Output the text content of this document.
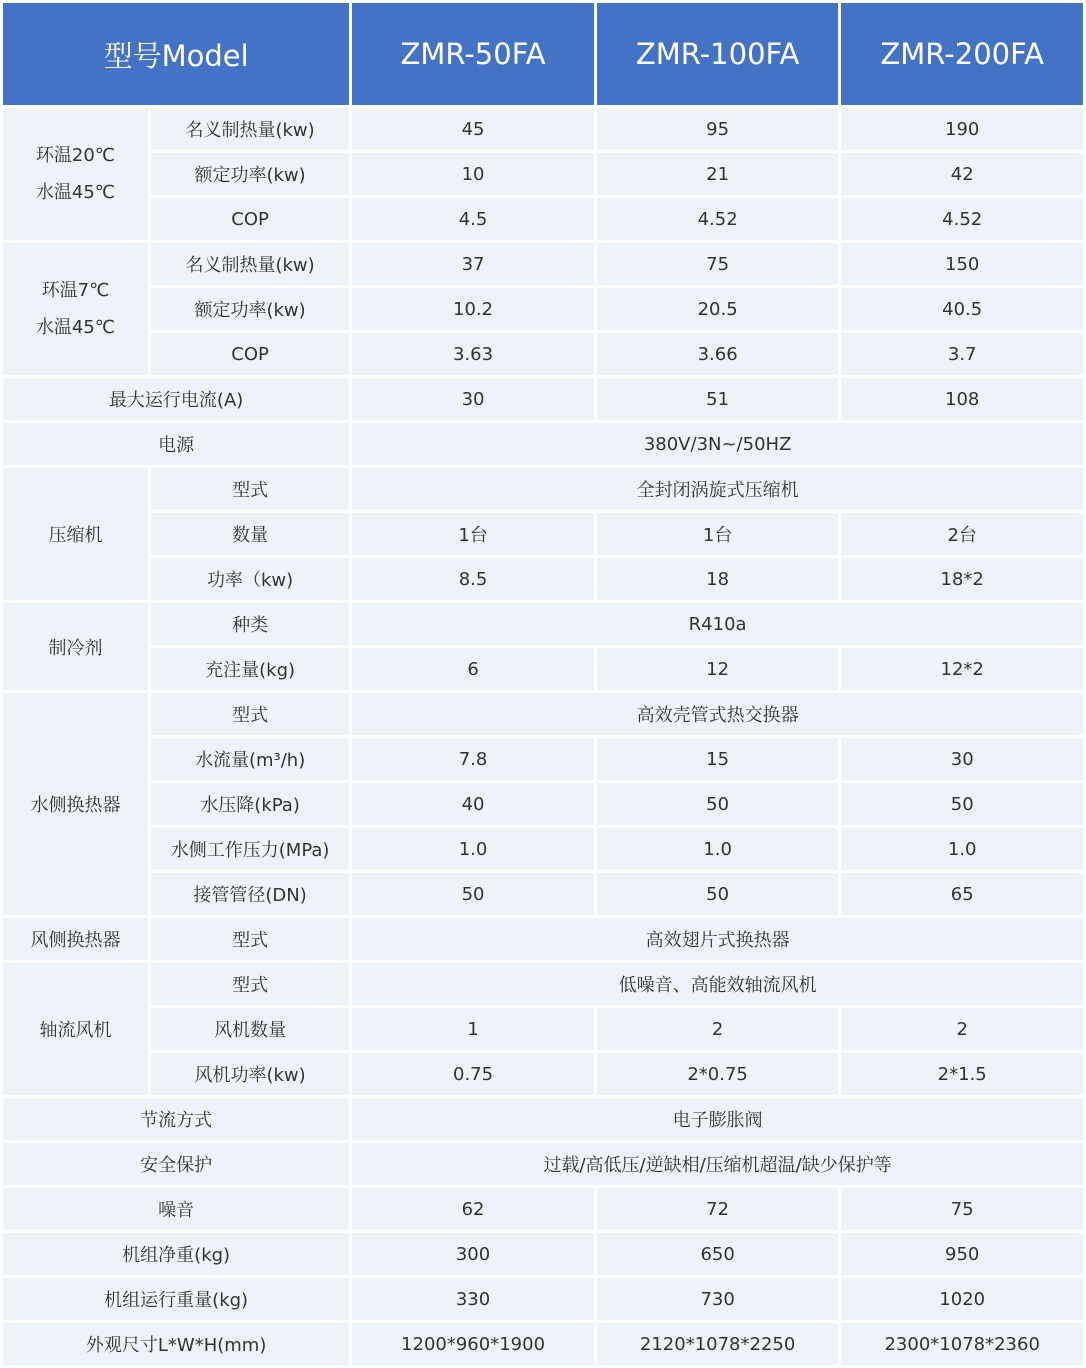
型号Model		ZMR-50FA	ZMR-100FA	ZMR-200FA

环温20℃
水温45℃	名义制热量(kw)	45	95	190
	额定功率(kw)	10	21	42
	COP	4.5	4.52	4.52

环温7℃
水温45℃	名义制热量(kw)	37	75	150
	额定功率(kw)	10.2	20.5	40.5
	COP	3.63	3.66	3.7
最大运行电流(A)		30	51	108
电源		380V/3N~/50HZ		
压缩机	型式	全封闭涡旋式压缩机		
	数量	1台	1台	2台
	功率（kw)	8.5	18	18*2
制冷剂	种类	R410a		
	充注量(kg)	6	12	12*2
水侧换热器	型式	高效壳管式热交换器		
	水流量(m³/h)	7.8	15	30
	水压降(kPa)	40	50	50
	水侧工作压力(MPa)	1.0	1.0	1.0
	接管管径(DN)	50	50	65
风侧换热器	型式	高效翅片式换热器		
轴流风机	型式	低噪音、高能效轴流风机		
	风机数量	1	2	2
	风机功率(kw)	0.75	2*0.75	2*1.5
节流方式		电子膨胀阀		
安全保护		过载/高低压/逆缺相/压缩机超温/缺少保护等		
噪音		62	72	75
机组净重(kg)		300	650	950
机组运行重量(kg)		330	730	1020
外观尺寸L*W*H(mm)		1200*960*1900	2120*1078*2250	2300*1078*2360
